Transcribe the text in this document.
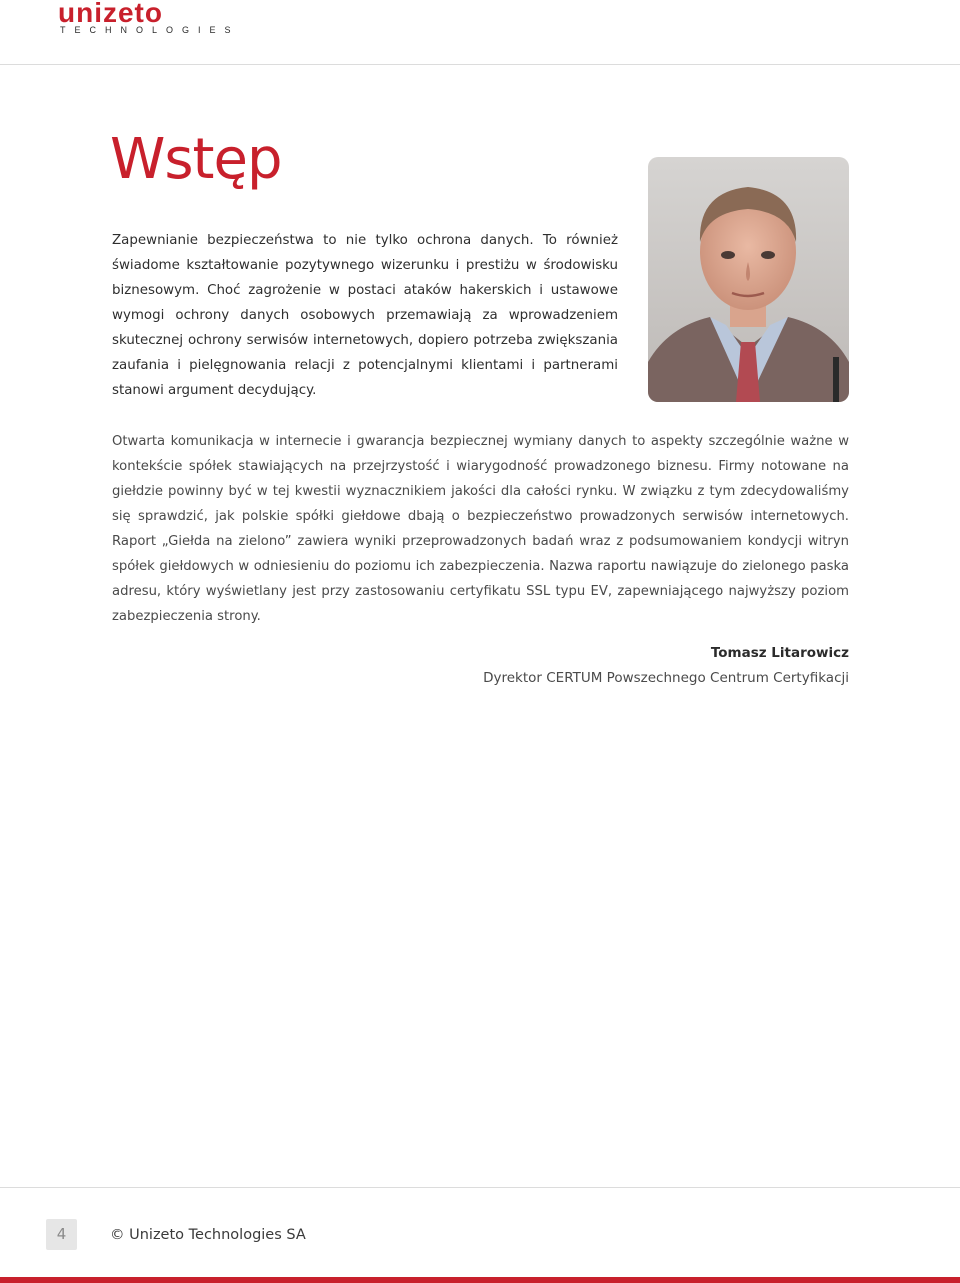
unizeto
TECHNOLOGIES
Wstęp

Zapewnianie bezpieczeństwa to nie tylko ochrona danych. To również świadome kształtowanie pozytywnego wizerunku i prestiżu w środowisku biznesowym. Choć zagrożenie w postaci ataków hakerskich i ustawowe wymogi ochrony danych osobowych przemawiają za wprowadzeniem skutecznej ochrony serwisów internetowych, dopiero potrzeba zwiększania zaufania i pielęgnowania relacji z potencjalnymi klientami i partnerami stanowi argument decydujący.

Otwarta komunikacja w internecie i gwarancja bezpiecznej wymiany danych to aspekty szczególnie ważne w kontekście spółek stawiających na przejrzystość i wiarygodność prowadzonego biznesu. Firmy notowane na giełdzie powinny być w tej kwestii wyznacznikiem jakości dla całości rynku. W związku z tym zdecydowaliśmy się sprawdzić, jak polskie spółki giełdowe dbają o bezpieczeństwo prowadzonych serwisów internetowych. Raport „Giełda na zielono” zawiera wyniki przeprowadzonych badań wraz z podsumowaniem kondycji witryn spółek giełdowych w odniesieniu do poziomu ich zabezpieczenia. Nazwa raportu nawiązuje do zielonego paska adresu, który wyświetlany jest przy zastosowaniu certyfikatu SSL typu EV, zapewniającego najwyższy poziom zabezpieczenia strony.

Tomasz Litarowicz
Dyrektor CERTUM Powszechnego Centrum Certyfikacji
4	© Unizeto Technologies SA
